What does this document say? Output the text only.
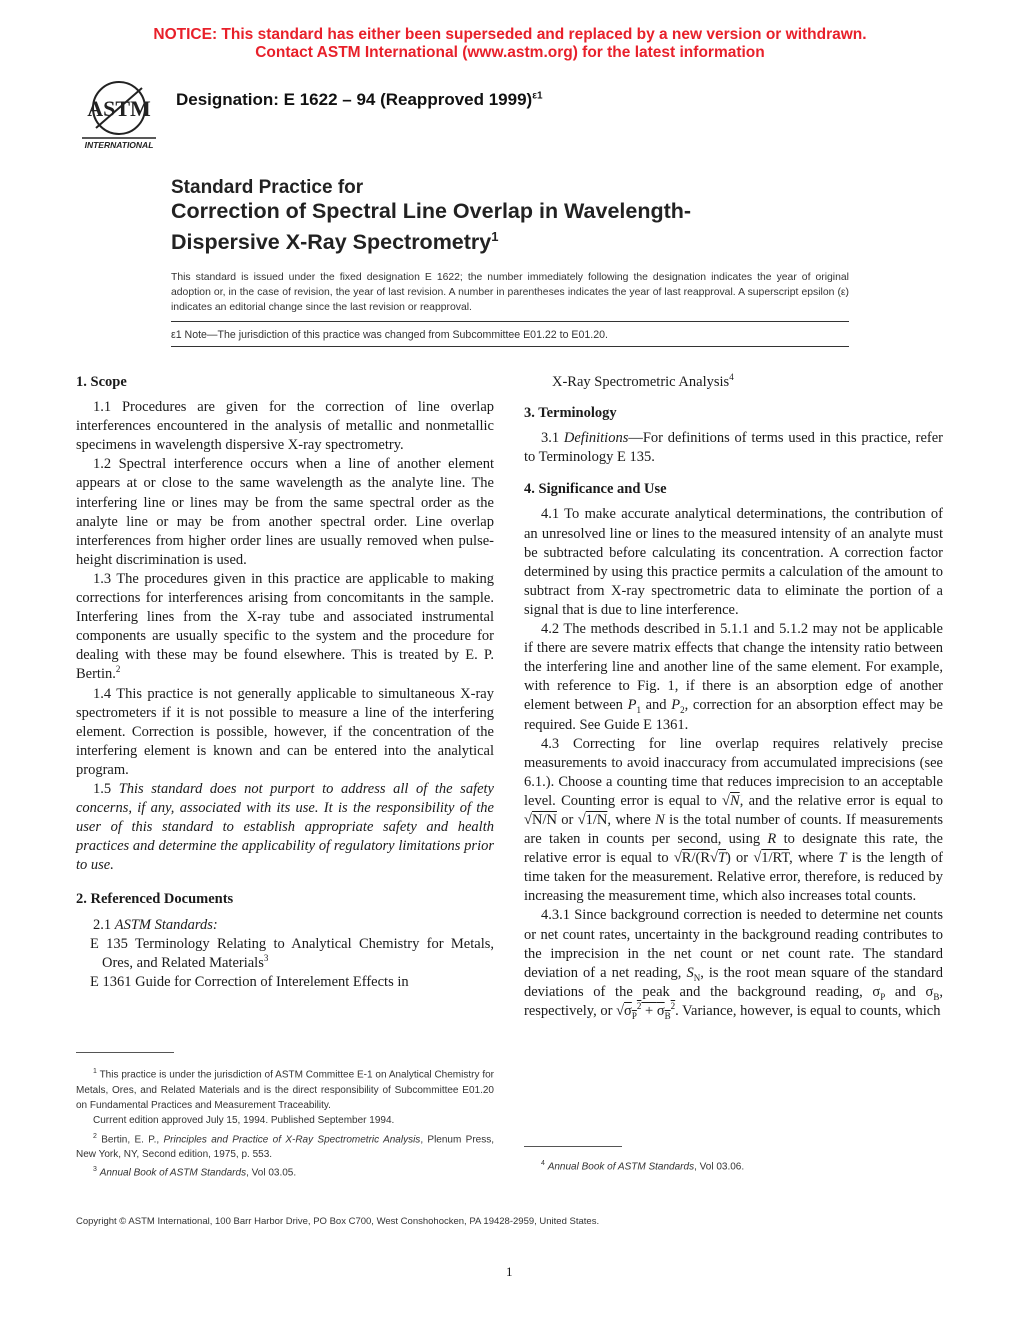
NOTICE: This standard has either been superseded and replaced by a new version or withdrawn.
Contact ASTM International (www.astm.org) for the latest information
ASTM
INTERNATIONAL
Designation: E 1622 – 94 (Reapproved 1999)$^{\varepsilon 1}$
Standard Practice for
Correction of Spectral Line Overlap in Wavelength-
Dispersive X-Ray Spectrometry$^1$
This standard is issued under the fixed designation E 1622; the number immediately following the designation indicates the year of original adoption or, in the case of revision, the year of last revision. A number in parentheses indicates the year of last reapproval. A superscript epsilon (ε) indicates an editorial change since the last revision or reapproval.
ε1 Note—The jurisdiction of this practice was changed from Subcommittee E01.22 to E01.20.
1. Scope

1.1 Procedures are given for the correction of line overlap interferences encountered in the analysis of metallic and nonmetallic specimens in wavelength dispersive X-ray spectrometry.

1.2 Spectral interference occurs when a line of another element appears at or close to the same wavelength as the analyte line. The interfering line or lines may be from the same spectral order as the analyte line or may be from another spectral order. Line overlap interferences from higher order lines are usually removed when pulse-height discrimination is used.

1.3 The procedures given in this practice are applicable to making corrections for interferences arising from concomitants in the sample. Interfering lines from the X-ray tube and associated instrumental components are usually specific to the system and the procedure for dealing with these may be found elsewhere. This is treated by E. P. Bertin.$^2$

1.4 This practice is not generally applicable to simultaneous X-ray spectrometers if it is not possible to measure a line of the interfering element. Correction is possible, however, if the concentration of the interfering element is known and can be entered into the analytical program.

1.5 This standard does not purport to address all of the safety concerns, if any, associated with its use. It is the responsibility of the user of this standard to establish appropriate safety and health practices and determine the applicability of regulatory limitations prior to use.

2. Referenced Documents

2.1 ASTM Standards:

E 135 Terminology Relating to Analytical Chemistry for Metals, Ores, and Related Materials$^3$
E 1361 Guide for Correction of Interelement Effects in

X-Ray Spectrometric Analysis$^4$

3. Terminology

3.1 Definitions—For definitions of terms used in this practice, refer to Terminology E 135.

4. Significance and Use

4.1 To make accurate analytical determinations, the contribution of an unresolved line or lines to the measured intensity of an analyte must be subtracted before calculating its concentration. A correction factor determined by using this practice permits a calculation of the amount to subtract from X-ray spectrometric data to eliminate the portion of a signal that is due to line interference.

4.2 The methods described in 5.1.1 and 5.1.2 may not be applicable if there are severe matrix effects that change the intensity ratio between the interfering line and another line of the same element. For example, with reference to Fig. 1, if there is an absorption edge of another element between $P_1$ and $P_2$, correction for an absorption effect may be required. See Guide E 1361.

4.3 Correcting for line overlap requires relatively precise measurements to avoid inaccuracy from accumulated imprecisions (see 6.1.). Choose a counting time that reduces imprecision to an acceptable level. Counting error is equal to √N, and the relative error is equal to √N/N or √1/N, where N is the total number of counts. If measurements are taken in counts per second, using R to designate this rate, the relative error is equal to √R/(R√T) or √1/RT, where T is the length of time taken for the measurement. Relative error, therefore, is reduced by increasing the measurement time, which also increases total counts.

4.3.1 Since background correction is needed to determine net counts or net count rates, uncertainty in the background reading contributes to the imprecision in the net count or net count rate. The standard deviation of a net reading, $S_N$, is the root mean square of the standard deviations of the peak and the background reading, $\sigma_P$ and $\sigma_B$, respectively, or $√\sigma_P^2 + \sigma_B^2$. Variance, however, is equal to counts, which

$^1$ This practice is under the jurisdiction of ASTM Committee E-1 on Analytical Chemistry for Metals, Ores, and Related Materials and is the direct responsibility of Subcommittee E01.20 on Fundamental Practices and Measurement Traceability.

Current edition approved July 15, 1994. Published September 1994.

$^2$ Bertin, E. P., Principles and Practice of X-Ray Spectrometric Analysis, Plenum Press, New York, NY, Second edition, 1975, p. 553.

$^3$ Annual Book of ASTM Standards, Vol 03.05.

$^4$ Annual Book of ASTM Standards, Vol 03.06.

Copyright © ASTM International, 100 Barr Harbor Drive, PO Box C700, West Conshohocken, PA 19428-2959, United States.
1
